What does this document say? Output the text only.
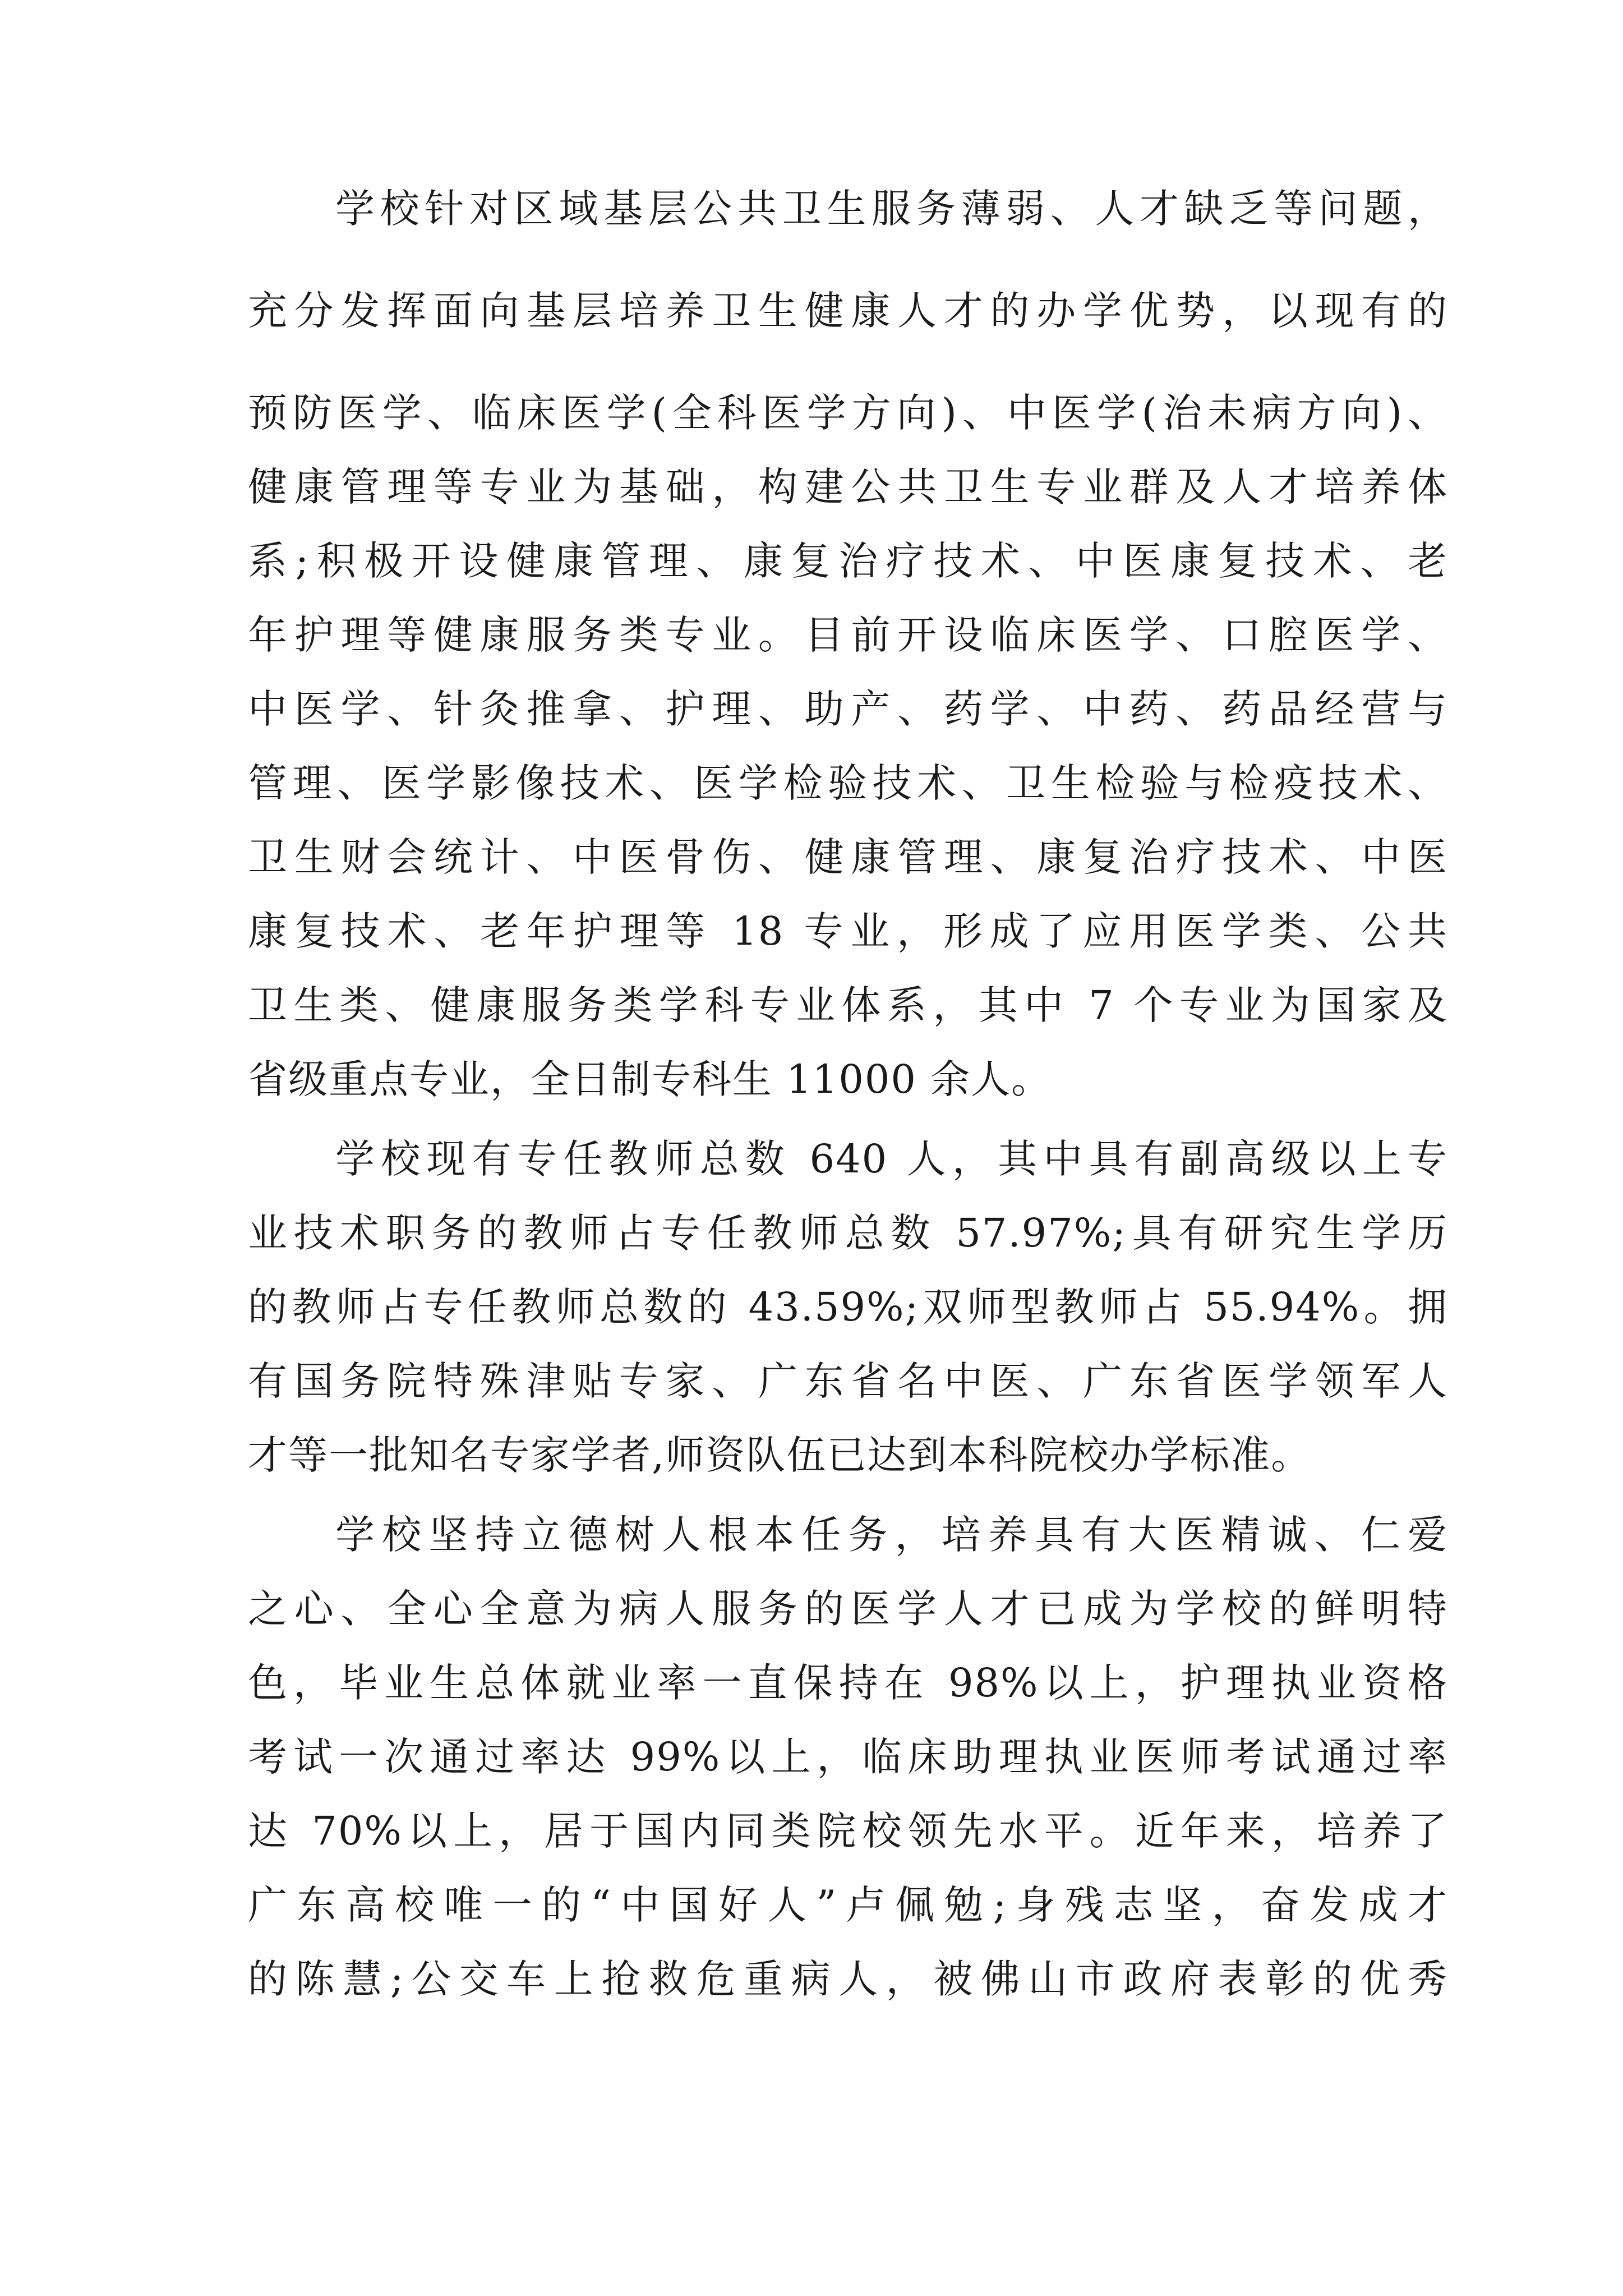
学校针对区域基层公共卫生服务薄弱、人才缺乏等问题，

充分发挥面向基层培养卫生健康人才的办学优势，以现有的

预防医学、临床医学(全科医学方向)、中医学(治未病方向)、

健康管理等专业为基础，构建公共卫生专业群及人才培养体

系;积极开设健康管理、康复治疗技术、中医康复技术、老

年护理等健康服务类专业。目前开设临床医学、口腔医学、

中医学、针灸推拿、护理、助产、药学、中药、药品经营与

管理、医学影像技术、医学检验技术、卫生检验与检疫技术、

卫生财会统计、中医骨伤、健康管理、康复治疗技术、中医

康复技术、老年护理等 18 专业，形成了应用医学类、公共

卫生类、健康服务类学科专业体系，其中 7 个专业为国家及

省级重点专业，全日制专科生 11000 余人。

学校现有专任教师总数 640 人，其中具有副高级以上专

业技术职务的教师占专任教师总数 57.97%;具有研究生学历

的教师占专任教师总数的 43.59%;双师型教师占 55.94%。拥

有国务院特殊津贴专家、广东省名中医、广东省医学领军人

才等一批知名专家学者,师资队伍已达到本科院校办学标准。

学校坚持立德树人根本任务，培养具有大医精诚、仁爱

之心、全心全意为病人服务的医学人才已成为学校的鲜明特

色，毕业生总体就业率一直保持在 98%以上，护理执业资格

考试一次通过率达 99%以上，临床助理执业医师考试通过率

达 70%以上，居于国内同类院校领先水平。近年来，培养了

广东高校唯一的“中国好人”卢佩勉;身残志坚，奋发成才

的陈慧;公交车上抢救危重病人，被佛山市政府表彰的优秀
